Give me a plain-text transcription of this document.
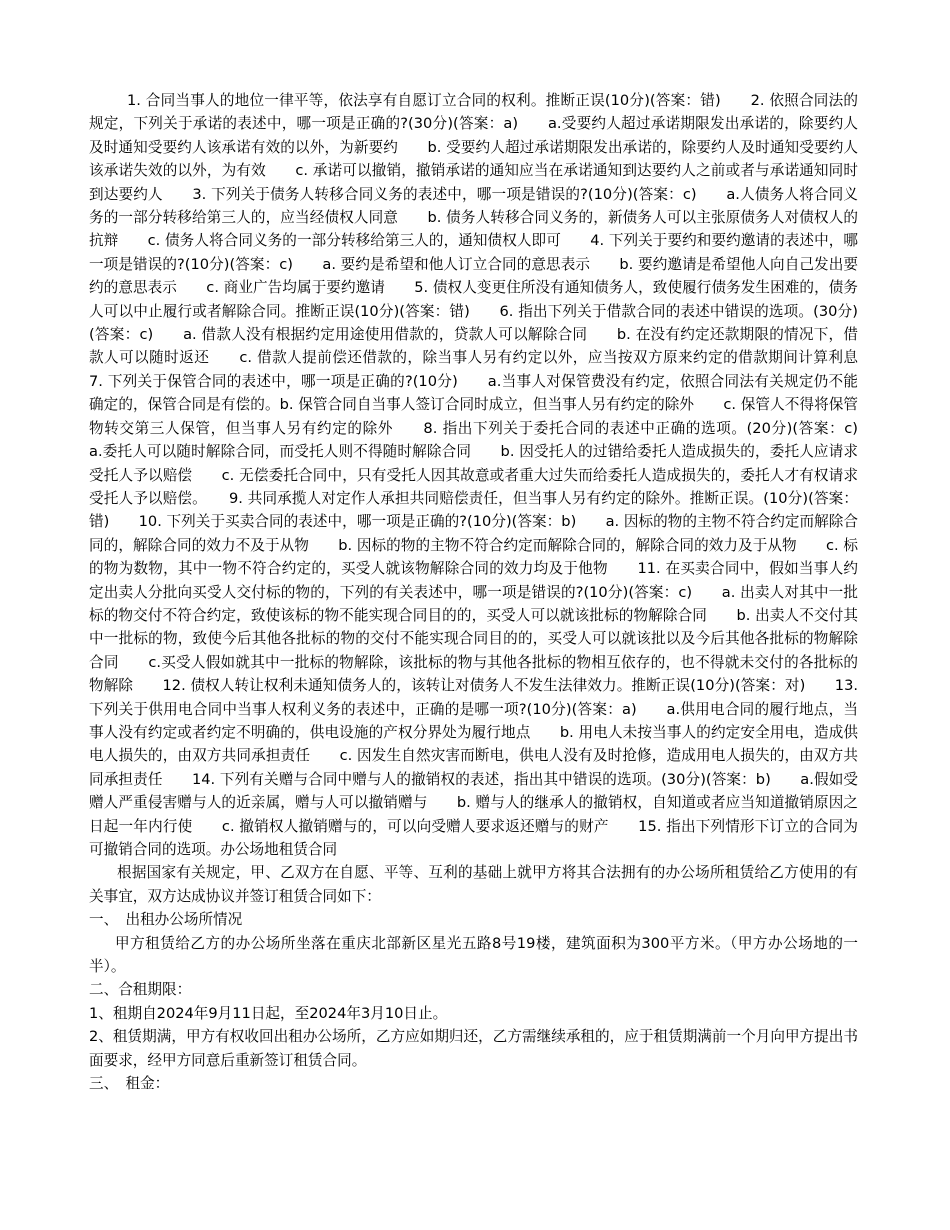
1. 合同当事人的地位一律平等，依法享有自愿订立合同的权利。推断正误(10分)(答案：错)　　2. 依照合同法的规定，下列关于承诺的表述中，哪一项是正确的?(30分)(答案：a)　　a.受要约人超过承诺期限发出承诺的，除要约人及时通知受要约人该承诺有效的以外，为新要约　　b. 受要约人超过承诺期限发出承诺的，除要约人及时通知受要约人该承诺失效的以外，为有效　　c. 承诺可以撤销，撤销承诺的通知应当在承诺通知到达要约人之前或者与承诺通知同时到达要约人　　3. 下列关于债务人转移合同义务的表述中，哪一项是错误的?(10分)(答案：c)　　a.人债务人将合同义务的一部分转移给第三人的，应当经债权人同意　　b. 债务人转移合同义务的，新债务人可以主张原债务人对债权人的抗辩　　c. 债务人将合同义务的一部分转移给第三人的，通知债权人即可　　4. 下列关于要约和要约邀请的表述中，哪一项是错误的?(10分)(答案：c)　　a. 要约是希望和他人订立合同的意思表示　　b. 要约邀请是希望他人向自己发出要约的意思表示　　c. 商业广告均属于要约邀请　　5. 债权人变更住所没有通知债务人，致使履行债务发生困难的，债务人可以中止履行或者解除合同。推断正误(10分)(答案：错)　　6. 指出下列关于借款合同的表述中错误的选项。(30分)(答案：c)　　a. 借款人没有根据约定用途使用借款的，贷款人可以解除合同　　b. 在没有约定还款期限的情况下，借款人可以随时返还　　c. 借款人提前偿还借款的，除当事人另有约定以外，应当按双方原来约定的借款期间计算利息　　7. 下列关于保管合同的表述中，哪一项是正确的?(10分)　　a.当事人对保管费没有约定，依照合同法有关规定仍不能确定的，保管合同是有偿的。b. 保管合同自当事人签订合同时成立，但当事人另有约定的除外　　c. 保管人不得将保管物转交第三人保管，但当事人另有约定的除外　　8. 指出下列关于委托合同的表述中正确的选项。(20分)(答案：c)　　a.委托人可以随时解除合同，而受托人则不得随时解除合同　　b. 因受托人的过错给委托人造成损失的，委托人应请求受托人予以赔偿　　c. 无偿委托合同中，只有受托人因其故意或者重大过失而给委托人造成损失的，委托人才有权请求受托人予以赔偿。　　9. 共同承揽人对定作人承担共同赔偿责任，但当事人另有约定的除外。推断正误。(10分)(答案：错)　　10. 下列关于买卖合同的表述中，哪一项是正确的?(10分)(答案：b)　　a. 因标的物的主物不符合约定而解除合同的，解除合同的效力不及于从物　　b. 因标的物的主物不符合约定而解除合同的，解除合同的效力及于从物　　c. 标的物为数物，其中一物不符合约定的，买受人就该物解除合同的效力均及于他物　　11. 在买卖合同中，假如当事人约定出卖人分批向买受人交付标的物的，下列的有关表述中，哪一项是错误的?(10分)(答案：c)　　a. 出卖人对其中一批标的物交付不符合约定，致使该标的物不能实现合同目的的，买受人可以就该批标的物解除合同　　b. 出卖人不交付其中一批标的物，致使今后其他各批标的物的交付不能实现合同目的的，买受人可以就该批以及今后其他各批标的物解除合同　　c.买受人假如就其中一批标的物解除，该批标的物与其他各批标的物相互依存的，也不得就未交付的各批标的物解除　　12. 债权人转让权利未通知债务人的，该转让对债务人不发生法律效力。推断正误(10分)(答案：对)　　13. 下列关于供用电合同中当事人权利义务的表述中，正确的是哪一项?(10分)(答案：a)　　a.供用电合同的履行地点，当事人没有约定或者约定不明确的，供电设施的产权分界处为履行地点　　b. 用电人未按当事人的约定安全用电，造成供电人损失的，由双方共同承担责任　　c. 因发生自然灾害而断电，供电人没有及时抢修，造成用电人损失的，由双方共同承担责任　　14. 下列有关赠与合同中赠与人的撤销权的表述，指出其中错误的选项。(30分)(答案：b)　　a.假如受赠人严重侵害赠与人的近亲属，赠与人可以撤销赠与　　b. 赠与人的继承人的撤销权，自知道或者应当知道撤销原因之日起一年内行使　　c. 撤销权人撤销赠与的，可以向受赠人要求返还赠与的财产　　15. 指出下列情形下订立的合同为可撤销合同的选项。办公场地租赁合同

根据国家有关规定，甲、乙双方在自愿、平等、互利的基础上就甲方将其合法拥有的办公场所租赁给乙方使用的有关事宜，双方达成协议并签订租赁合同如下：

一、　出租办公场所情况

甲方租赁给乙方的办公场所坐落在重庆北部新区星光五路8号19楼，建筑面积为300平方米。（甲方办公场地的一半）。

二、合租期限：

1、租期自2024年9月11日起，至2024年3月10日止。

2、租赁期满，甲方有权收回出租办公场所，乙方应如期归还，乙方需继续承租的，应于租赁期满前一个月向甲方提出书面要求，经甲方同意后重新签订租赁合同。

三、　租金：
